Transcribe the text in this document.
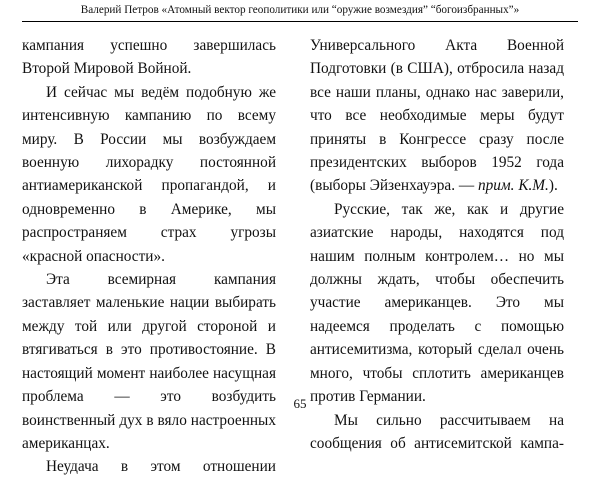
Валерий Петров «Атомный вектор геополитики или “оружие возмездия” “богоизбранных”»

кампания успешно завершилась Второй Мировой Войной.

И сейчас мы ведём подобную же интенсивную кампанию по всему миру. В России мы возбуждаем военную лихорадку постоянной антиамериканской пропагандой, и одновременно в Америке, мы распространяем страх угрозы «красной опасности».

Эта всемирная кампания заставляет маленькие нации выбирать между той или другой стороной и втягиваться в это противостояние. В настоящий момент наиболее насущная проблема — это возбудить воинственный дух в вяло настроенных американцах.

Неудача в этом отношении

Универсального Акта Военной Подготовки (в США), отбросила назад все наши планы, однако нас заверили, что все необходимые меры будут приняты в Конгрессе сразу после президентских выборов 1952 года (выборы Эйзенхауэра. — прим. К.М.).

Русские, так же, как и другие азиатские народы, находятся под нашим полным контролем… но мы должны ждать, чтобы обеспечить участие американцев. Это мы надеемся проделать с помощью антисемитизма, который сделал очень много, чтобы сплотить американцев против Германии.

Мы сильно рассчитываем на сообщения об антисемитской кампа-

65
